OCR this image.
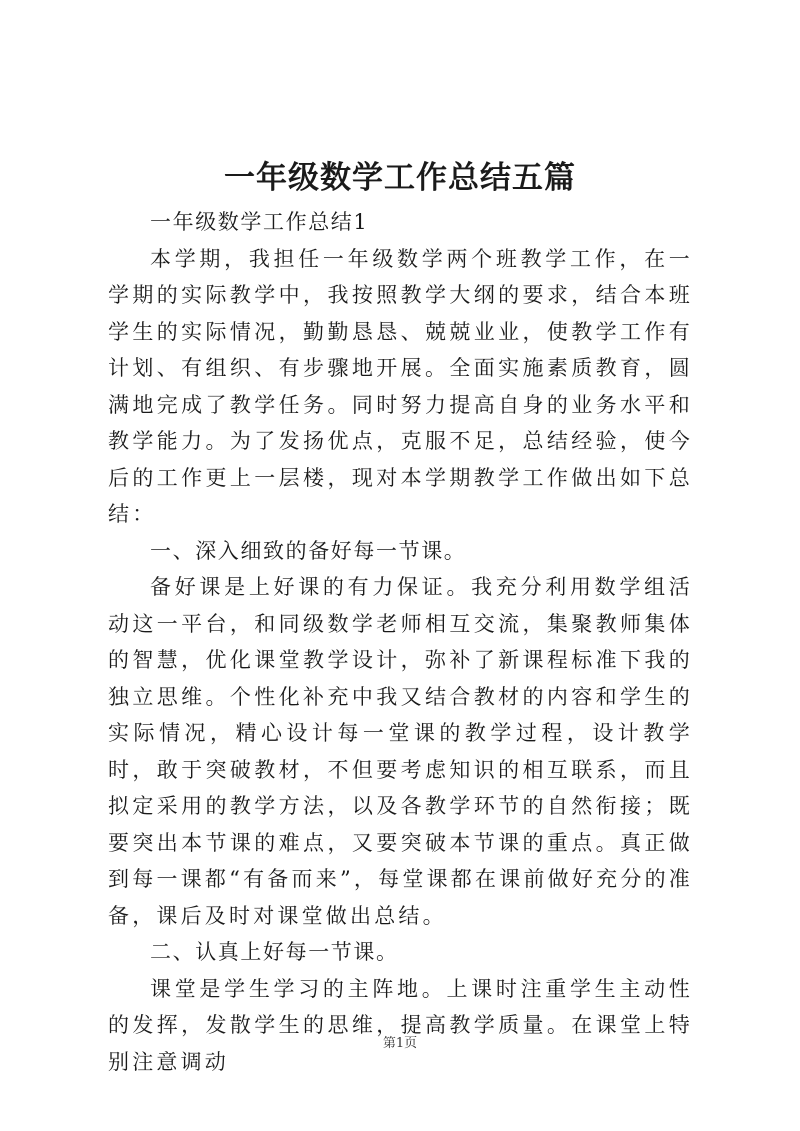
一年级数学工作总结五篇

一年级数学工作总结1

本学期，我担任一年级数学两个班教学工作，在一学期的实际教学中，我按照教学大纲的要求，结合本班学生的实际情况，勤勤恳恳、兢兢业业，使教学工作有计划、有组织、有步骤地开展。全面实施素质教育，圆满地完成了教学任务。同时努力提高自身的业务水平和教学能力。为了发扬优点，克服不足，总结经验，使今后的工作更上一层楼，现对本学期教学工作做出如下总结：

一、深入细致的备好每一节课。

备好课是上好课的有力保证。我充分利用数学组活动这一平台，和同级数学老师相互交流，集聚教师集体的智慧，优化课堂教学设计，弥补了新课程标准下我的独立思维。个性化补充中我又结合教材的内容和学生的实际情况，精心设计每一堂课的教学过程，设计教学时，敢于突破教材，不但要考虑知识的相互联系，而且拟定采用的教学方法，以及各教学环节的自然衔接；既要突出本节课的难点，又要突破本节课的重点。真正做到每一课都“有备而来”，每堂课都在课前做好充分的准备，课后及时对课堂做出总结。

二、认真上好每一节课。

课堂是学生学习的主阵地。上课时注重学生主动性的发挥，发散学生的思维，提高教学质量。在课堂上特别注意调动

第1页
